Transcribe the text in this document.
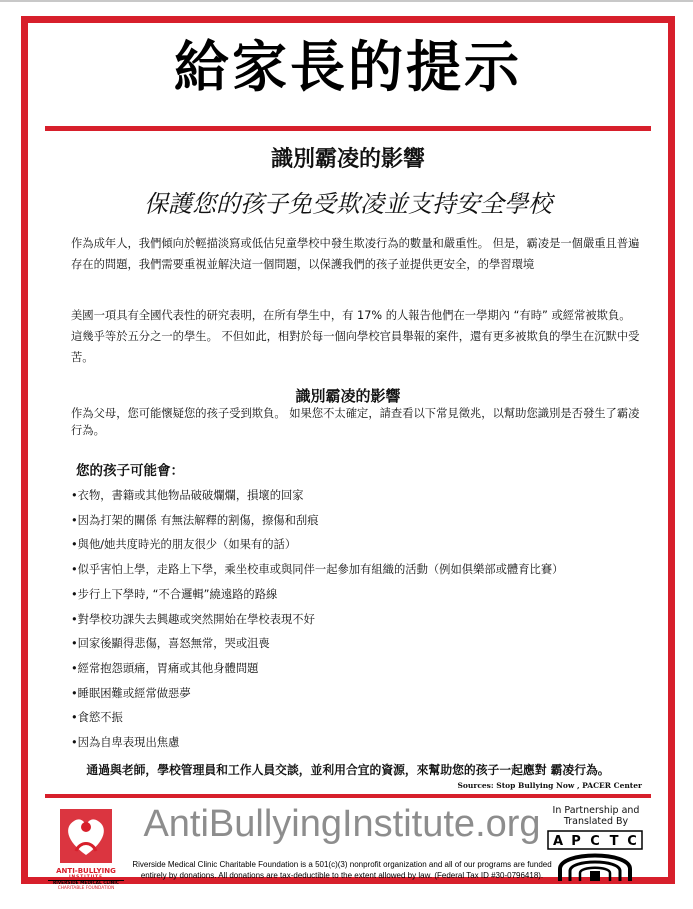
給家長的提示
識別霸凌的影響
保護您的孩子免受欺凌並支持安全學校

作為成年人，我們傾向於輕描淡寫或低估兒童學校中發生欺凌行為的數量和嚴重性。 但是，霸凌是一個嚴重且普遍存在的問題，我們需要重視並解決這一個問題，以保護我們的孩子並提供更安全，的學習環境

美國一項具有全國代表性的研究表明，在所有學生中，有 17% 的人報告他們在一學期內 “有時” 或經常被欺負。 這幾乎等於五分之一的學生。 不但如此，相對於每一個向學校官員舉報的案件，還有更多被欺負的學生在沉默中受苦。

識別霸凌的影響

作為父母，您可能懷疑您的孩子受到欺負。 如果您不太確定，請查看以下常見徵兆，以幫助您識別是否發生了霸凌行為。

您的孩子可能會：
•衣物，書籍或其他物品破破爛爛，損壞的回家
•因為打架的關係 有無法解釋的割傷，擦傷和刮痕
•與他/她共度時光的朋友很少（如果有的話）
•似乎害怕上學，走路上下學，乘坐校車或與同伴一起參加有組織的活動（例如俱樂部或體育比賽）
•步行上下學時, “不合邏輯”繞遠路的路線
•對學校功課失去興趣或突然開始在學校表現不好
•回家後顯得悲傷，喜怒無常，哭或沮喪
•經常抱怨頭痛，胃痛或其他身體問題
•睡眠困難或經常做惡夢
•食慾不振
•因為自卑表現出焦慮
通過與老師，學校管理員和工作人員交談，並利用合宜的資源，來幫助您的孩子一起應對 霸凌行為。
Sources: Stop Bullying Now , PACER Center
ANTI-BULLYING
INSTITUTE
RIVERSIDE MEDICAL CLINIC
CHARITABLE FOUNDATION
AntiBullyingInstitute.org
Riverside Medical Clinic Charitable Foundation is a 501(c)(3) nonprofit organization and all of our programs are funded
entirely by donations. All donations are tax-deductible to the extent allowed by law. (Federal Tax ID #30-0796418).
In Partnership and
Translated By
A P C T C
